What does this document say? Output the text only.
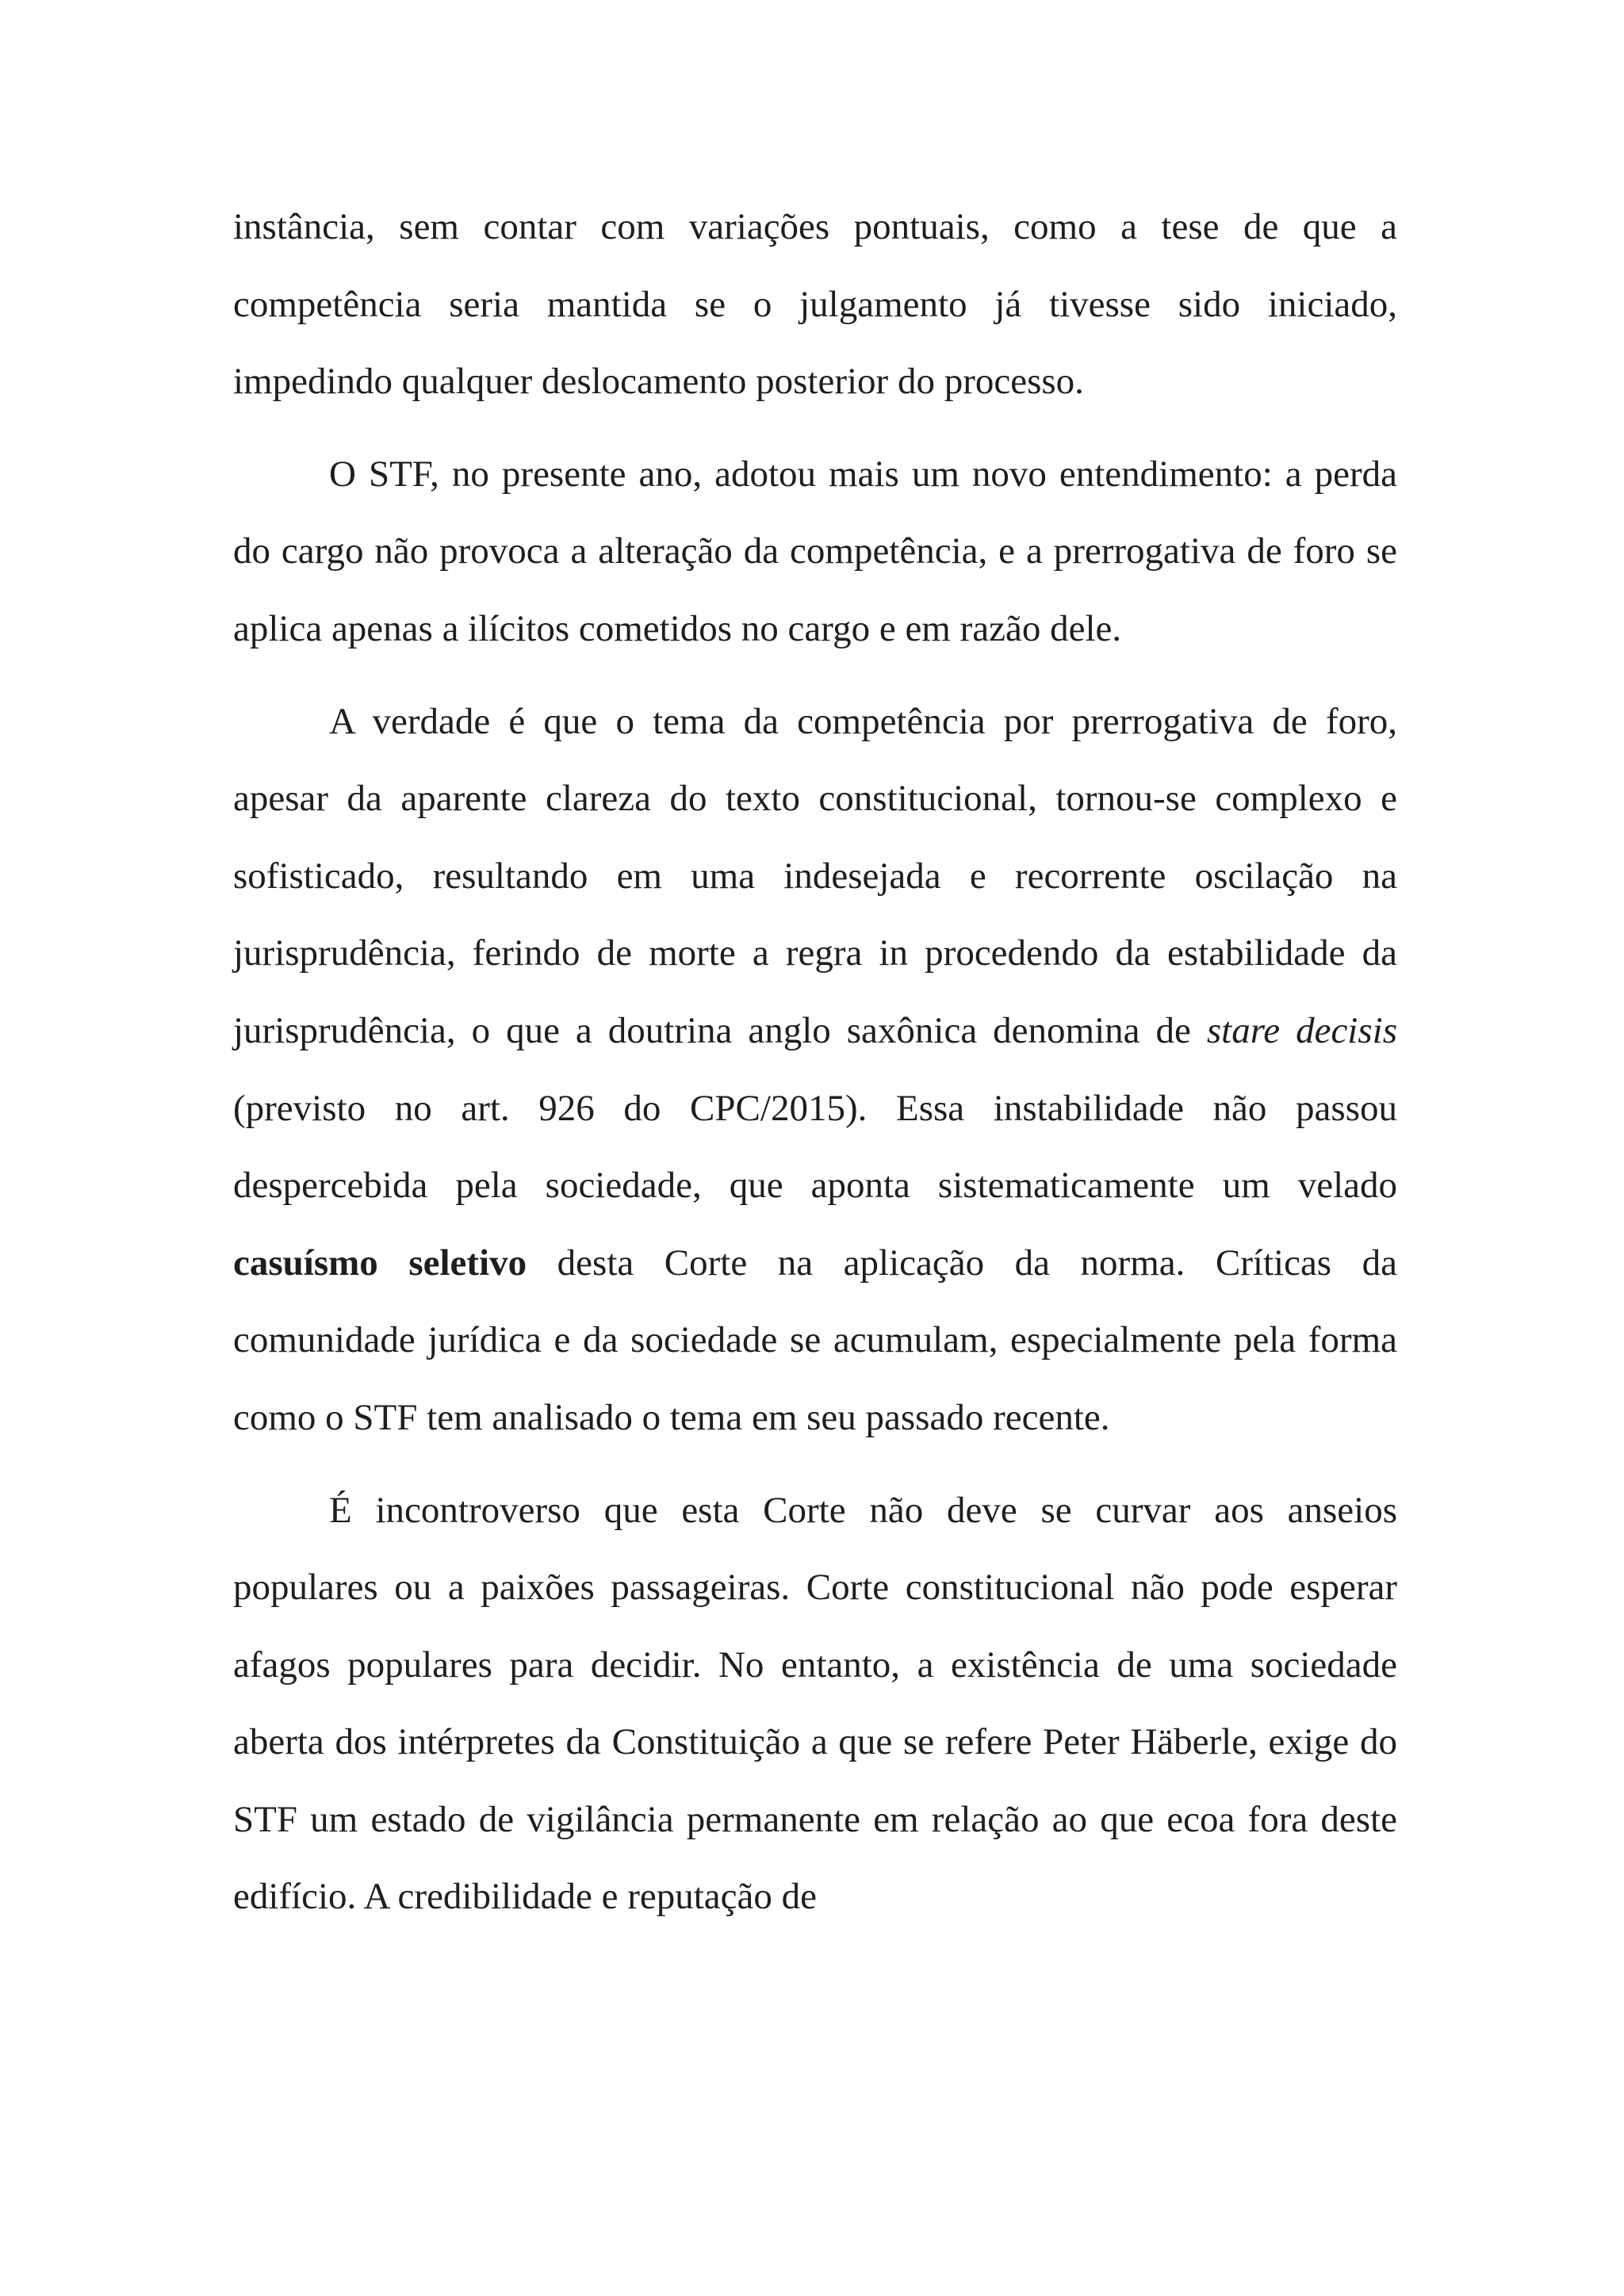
instância, sem contar com variações pontuais, como a tese de que a competência seria mantida se o julgamento já tivesse sido iniciado, impedindo qualquer deslocamento posterior do processo.

O STF, no presente ano, adotou mais um novo entendimento: a perda do cargo não provoca a alteração da competência, e a prerrogativa de foro se aplica apenas a ilícitos cometidos no cargo e em razão dele.

A verdade é que o tema da competência por prerrogativa de foro, apesar da aparente clareza do texto constitucional, tornou-se complexo e sofisticado, resultando em uma indesejada e recorrente oscilação na jurisprudência, ferindo de morte a regra in procedendo da estabilidade da jurisprudência, o que a doutrina anglo saxônica denomina de stare decisis (previsto no art. 926 do CPC/2015). Essa instabilidade não passou despercebida pela sociedade, que aponta sistematicamente um velado casuísmo seletivo desta Corte na aplicação da norma. Críticas da comunidade jurídica e da sociedade se acumulam, especialmente pela forma como o STF tem analisado o tema em seu passado recente.

É incontroverso que esta Corte não deve se curvar aos anseios populares ou a paixões passageiras. Corte constitucional não pode esperar afagos populares para decidir. No entanto, a existência de uma sociedade aberta dos intérpretes da Constituição a que se refere Peter Häberle, exige do STF um estado de vigilância permanente em relação ao que ecoa fora deste edifício. A credibilidade e reputação de
